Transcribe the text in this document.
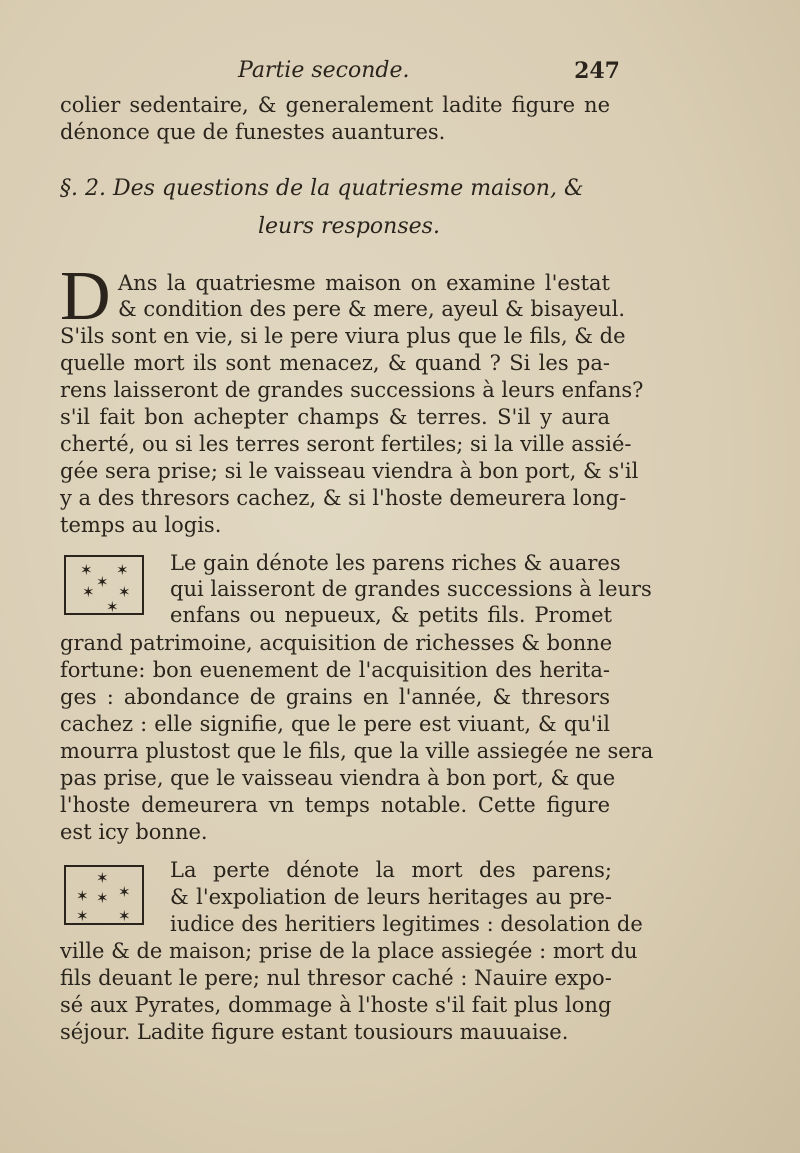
Partie seconde.	247
colier sedentaire, & generalement ladite figure ne
dénonce que de funestes auantures.
§. 2. Des questions de la quatriesme maison, &
leurs responses.
D Ans la quatriesme maison on examine l'estat
& condition des pere & mere, ayeul & bisayeul.
S'ils sont en vie, si le pere viura plus que le fils, & de
quelle mort ils sont menacez, & quand ? Si les pa-
rens laisseront de grandes successions à leurs enfans?
s'il fait bon achepter champs & terres. S'il y aura
cherté, ou si les terres seront fertiles; si la ville assié-
gée sera prise; si le vaisseau viendra à bon port, & s'il
y a des thresors cachez, & si l'hoste demeurera long-
temps au logis.
✶ ✶
✶
✶ ✶
✶
Le gain dénote les parens riches & auares
qui laisseront de grandes successions à leurs
enfans ou nepueux, & petits fils. Promet
grand patrimoine, acquisition de richesses & bonne
fortune: bon euenement de l'acquisition des herita-
ges : abondance de grains en l'année, & thresors
cachez : elle signifie, que le pere est viuant, & qu'il
mourra plustost que le fils, que la ville assiegée ne sera
pas prise, que le vaisseau viendra à bon port, & que
l'hoste demeurera vn temps notable. Cette figure
est icy bonne.
✶
✶ ✶ ✶
✶ ✶
La perte dénote la mort des parens;
& l'expoliation de leurs heritages au pre-
iudice des heritiers legitimes : desolation de
ville & de maison; prise de la place assiegée : mort du
fils deuant le pere; nul thresor caché : Nauire expo-
sé aux Pyrates, dommage à l'hoste s'il fait plus long
séjour. Ladite figure estant tousiours mauuaise.
